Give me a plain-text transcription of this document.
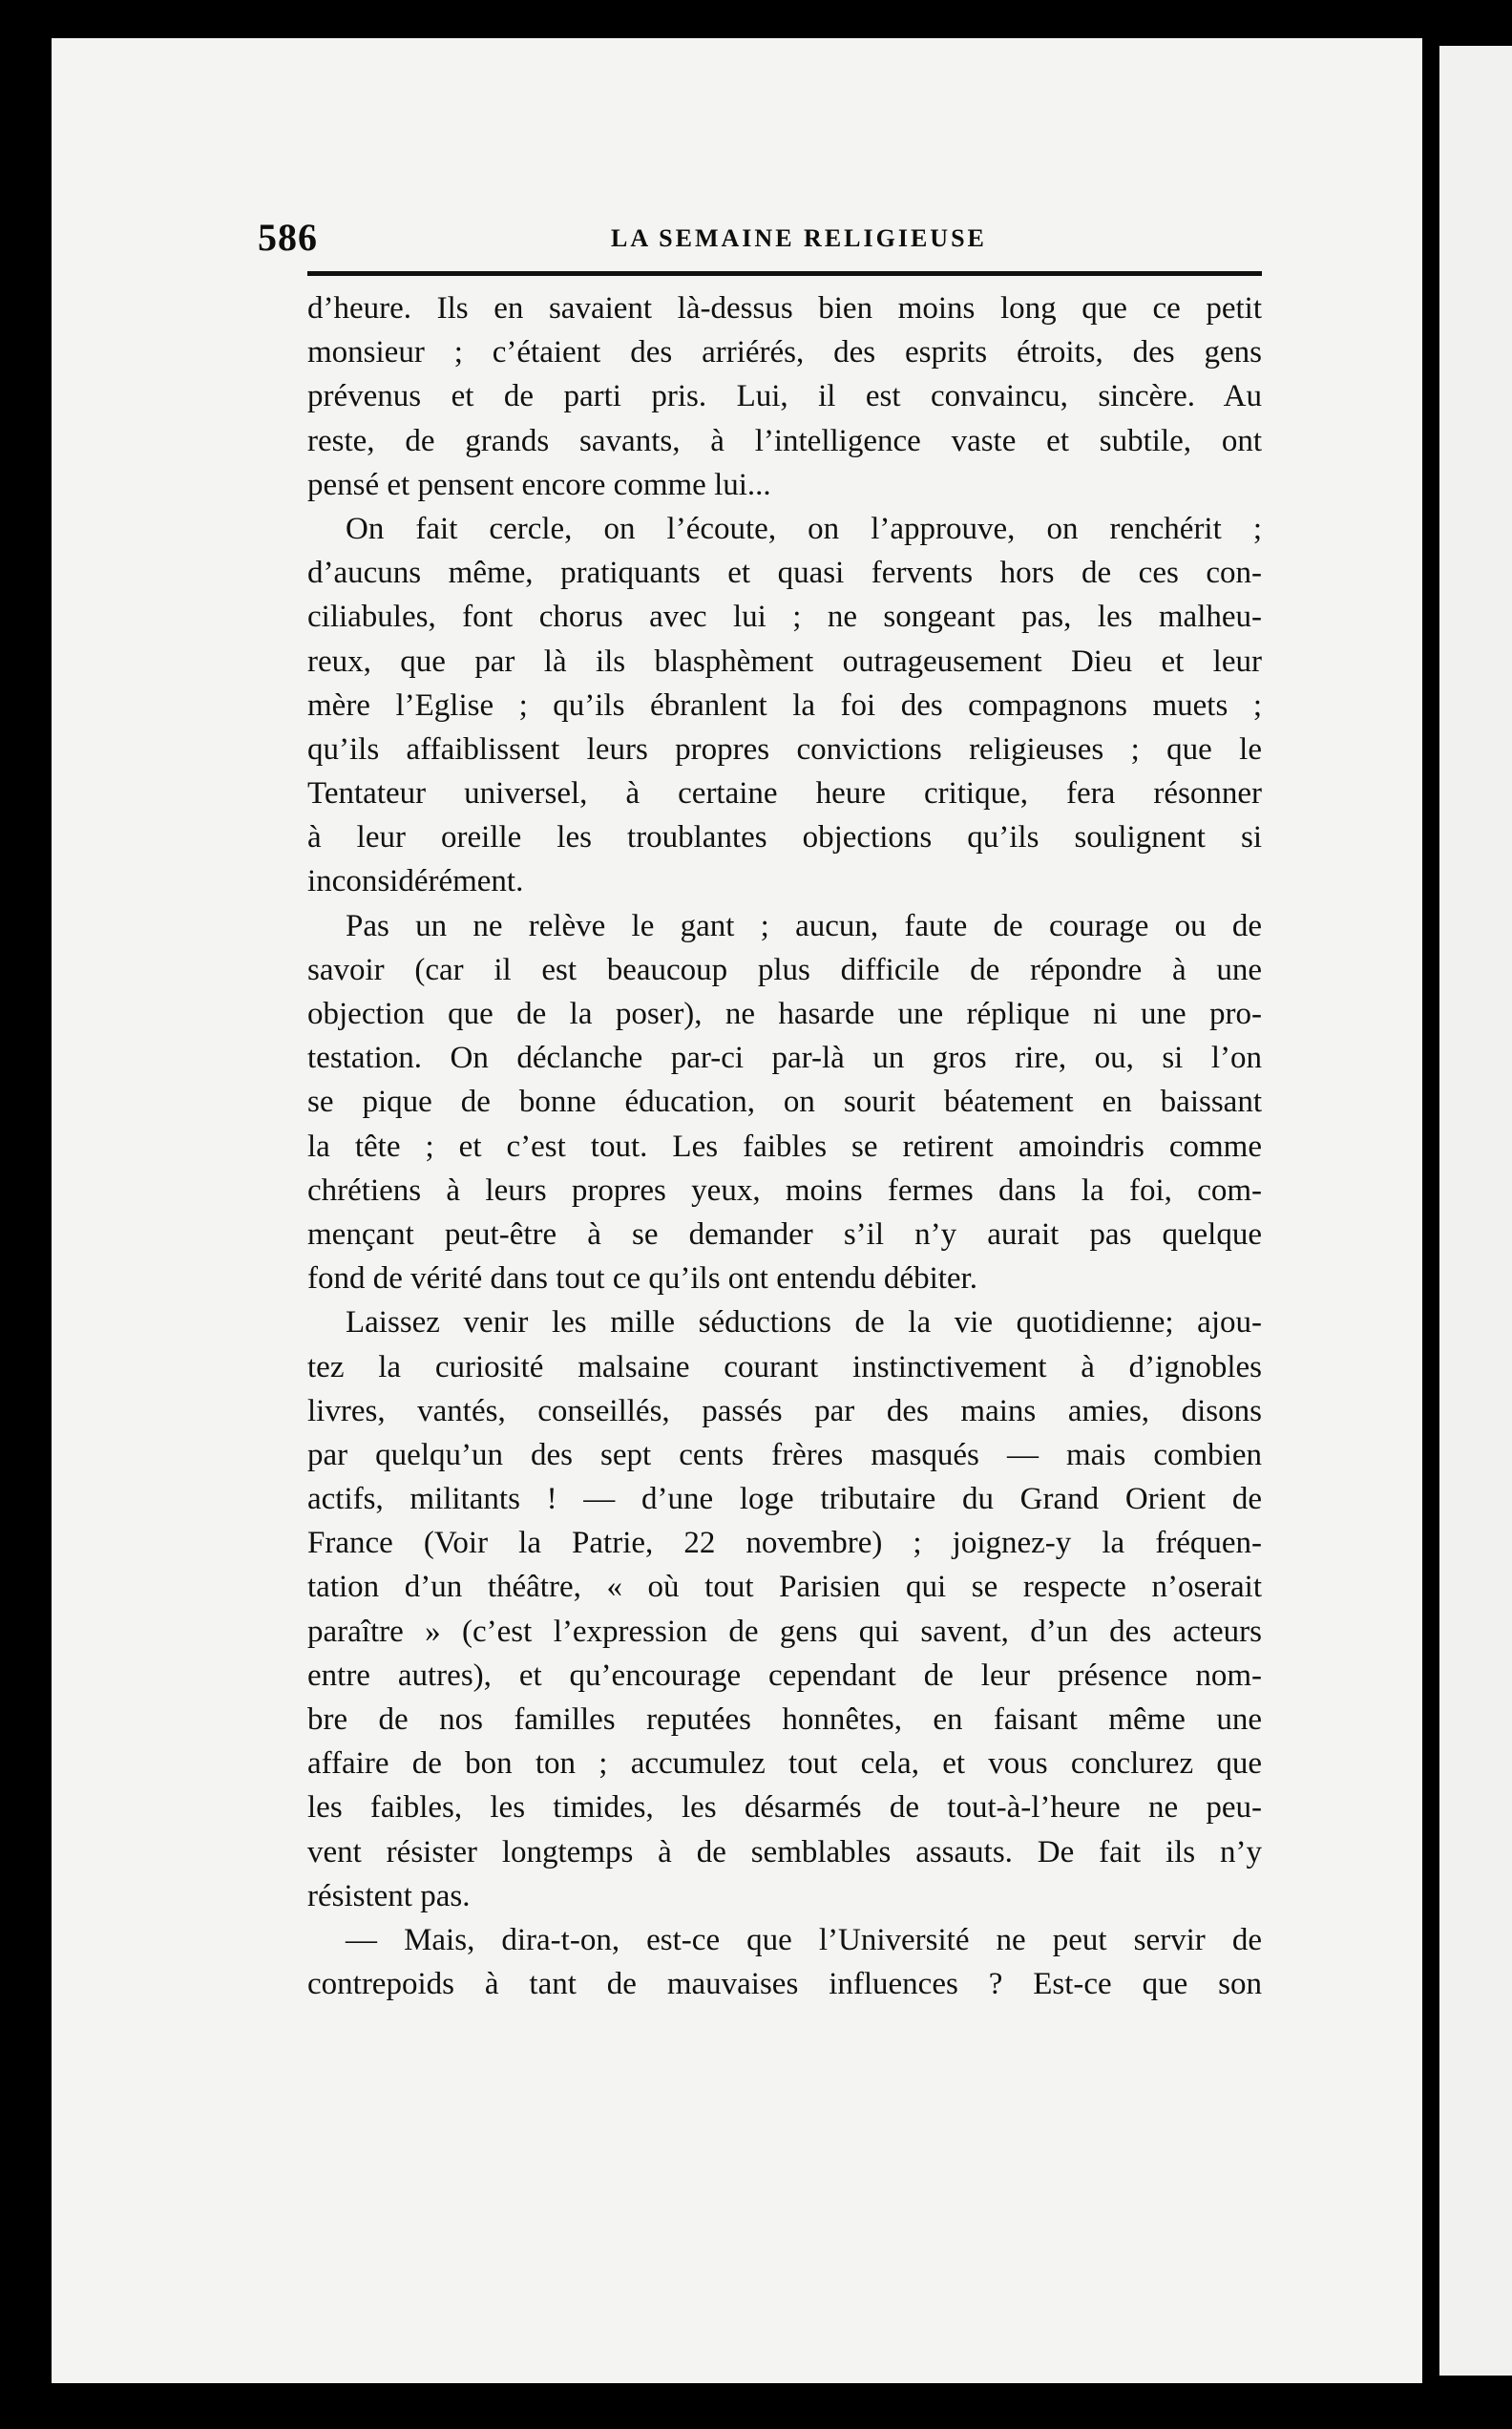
586	LA SEMAINE RELIGIEUSE
d’heure. Ils en savaient là-dessus bien moins long que ce petit
monsieur ; c’étaient des arriérés, des esprits étroits, des gens
prévenus et de parti pris. Lui, il est convaincu, sincère. Au
reste, de grands savants, à l’intelligence vaste et subtile, ont
pensé et pensent encore comme lui...
On fait cercle, on l’écoute, on l’approuve, on renchérit ;
d’aucuns même, pratiquants et quasi fervents hors de ces con-
ciliabules, font chorus avec lui ; ne songeant pas, les malheu-
reux, que par là ils blasphèment outrageusement Dieu et leur
mère l’Eglise ; qu’ils ébranlent la foi des compagnons muets ;
qu’ils affaiblissent leurs propres convictions religieuses ; que le
Tentateur universel, à certaine heure critique, fera résonner
à leur oreille les troublantes objections qu’ils soulignent si
inconsidérément.
Pas un ne relève le gant ; aucun, faute de courage ou de
savoir (car il est beaucoup plus difficile de répondre à une
objection que de la poser), ne hasarde une réplique ni une pro-
testation. On déclanche par-ci par-là un gros rire, ou, si l’on
se pique de bonne éducation, on sourit béatement en baissant
la tête ; et c’est tout. Les faibles se retirent amoindris comme
chrétiens à leurs propres yeux, moins fermes dans la foi, com-
mençant peut-être à se demander s’il n’y aurait pas quelque
fond de vérité dans tout ce qu’ils ont entendu débiter.
Laissez venir les mille séductions de la vie quotidienne; ajou-
tez la curiosité malsaine courant instinctivement à d’ignobles
livres, vantés, conseillés, passés par des mains amies, disons
par quelqu’un des sept cents frères masqués — mais combien
actifs, militants ! — d’une loge tributaire du Grand Orient de
France (Voir la Patrie, 22 novembre) ; joignez-y la fréquen-
tation d’un théâtre, « où tout Parisien qui se respecte n’oserait
paraître » (c’est l’expression de gens qui savent, d’un des acteurs
entre autres), et qu’encourage cependant de leur présence nom-
bre de nos familles reputées honnêtes, en faisant même une
affaire de bon ton ; accumulez tout cela, et vous conclurez que
les faibles, les timides, les désarmés de tout-à-l’heure ne peu-
vent résister longtemps à de semblables assauts. De fait ils n’y
résistent pas.
— Mais, dira-t-on, est-ce que l’Université ne peut servir de
contrepoids à tant de mauvaises influences ? Est-ce que son
